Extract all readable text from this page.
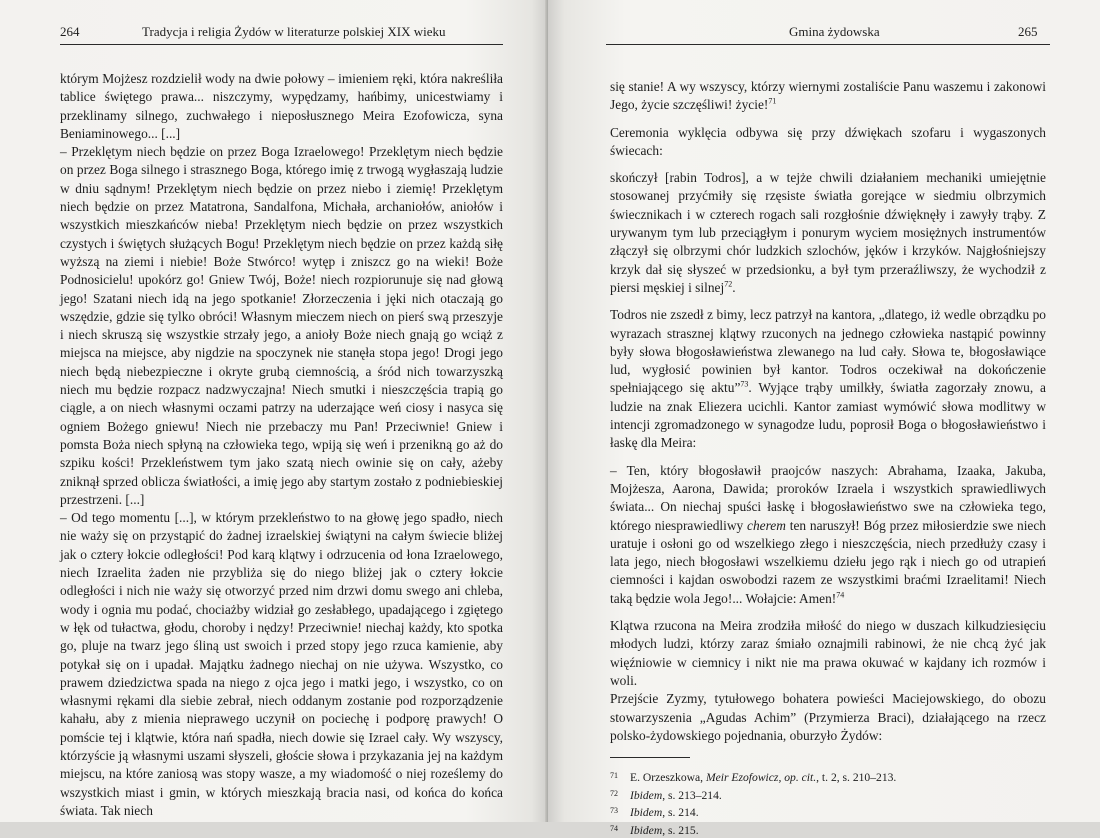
264	Tradycja i religia Żydów w literaturze polskiej XIX wieku

którym Mojżesz rozdzielił wody na dwie połowy – imieniem ręki, która nakreśliła tablice świętego prawa... niszczymy, wypędzamy, hańbimy, unicestwiamy i przeklinamy silnego, zuchwałego i nieposłusznego Meira Ezofowicza, syna Beniaminowego... [...]

– Przeklętym niech będzie on przez Boga Izraelowego! Przeklętym niech będzie on przez Boga silnego i strasznego Boga, którego imię z trwogą wygłaszają ludzie w dniu sądnym! Przeklętym niech będzie on przez niebo i ziemię! Przeklętym niech będzie on przez Matatrona, Sandalfona, Michała, archaniołów, aniołów i wszystkich mieszkańców nieba! Przeklętym niech będzie on przez wszystkich czystych i świętych służących Bogu! Przeklętym niech będzie on przez każdą siłę wyższą na ziemi i niebie! Boże Stwórco! wytęp i zniszcz go na wieki! Boże Podnosicielu! upokórz go! Gniew Twój, Boże! niech rozpiorunuje się nad głową jego! Szatani niech idą na jego spotkanie! Złorzeczenia i jęki nich otaczają go wszędzie, gdzie się tylko obróci! Własnym mieczem niech on pierś swą przeszyje i niech skruszą się wszystkie strzały jego, a anioły Boże niech gnają go wciąż z miejsca na miejsce, aby nigdzie na spoczynek nie stanęła stopa jego! Drogi jego niech będą niebezpieczne i okryte grubą ciemnością, a śród nich towarzyszką niech mu będzie rozpacz nadzwyczajna! Niech smutki i nieszczęścia trapią go ciągle, a on niech własnymi oczami patrzy na uderzające weń ciosy i nasyca się ogniem Bożego gniewu! Niech nie przebaczy mu Pan! Przeciwnie! Gniew i pomsta Boża niech spłyną na człowieka tego, wpiją się weń i przenikną go aż do szpiku kości! Przekleństwem tym jako szatą niech owinie się on cały, ażeby zniknął sprzed oblicza światłości, a imię jego aby startym zostało z podniebieskiej przestrzeni. [...]

– Od tego momentu [...], w którym przekleństwo to na głowę jego spadło, niech nie waży się on przystąpić do żadnej izraelskiej świątyni na całym świecie bliżej jak o cztery łokcie odległości! Pod karą klątwy i odrzucenia od łona Izraelowego, niech Izraelita żaden nie przybliża się do niego bliżej jak o cztery łokcie odległości i nich nie waży się otworzyć przed nim drzwi domu swego ani chleba, wody i ognia mu podać, chociażby widział go zesłabłego, upadającego i zgiętego w łęk od tułactwa, głodu, choroby i nędzy! Przeciwnie! niechaj każdy, kto spotka go, pluje na twarz jego śliną ust swoich i przed stopy jego rzuca kamienie, aby potykał się on i upadał. Majątku żadnego niechaj on nie używa. Wszystko, co prawem dziedzictwa spada na niego z ojca jego i matki jego, i wszystko, co on własnymi rękami dla siebie zebrał, niech oddanym zostanie pod rozporządzenie kahału, aby z mienia nieprawego uczynił on pociechę i podporę prawych! O pomście tej i klątwie, która nań spadła, niech dowie się Izrael cały. Wy wszyscy, którzyście ją własnymi uszami słyszeli, głoście słowa i przykazania jej na każdym miejscu, na które zaniosą was stopy wasze, a my wiadomość o niej roześlemy do wszystkich miast i gmin, w których mieszkają bracia nasi, od końca do końca świata. Tak niech

Gmina żydowska	265

się stanie! A wy wszyscy, którzy wiernymi zostaliście Panu waszemu i zakonowi Jego, życie szczęśliwi! życie!$^{71}$

Ceremonia wyklęcia odbywa się przy dźwiękach szofaru i wygaszonych świecach:

skończył [rabin Todros], a w tejże chwili działaniem mechaniki umiejętnie stosowanej przyćmiły się rzęsiste światła gorejące w siedmiu olbrzymich świecznikach i w czterech rogach sali rozgłośnie dźwięknęły i zawyły trąby. Z urywanym tym lub przeciągłym i ponurym wyciem mosiężnych instrumentów złączył się olbrzymi chór ludzkich szlochów, jęków i krzyków. Najgłośniejszy krzyk dał się słyszeć w przedsionku, a był tym przeraźliwszy, że wychodził z piersi męskiej i silnej$^{72}$.

Todros nie zszedł z bimy, lecz patrzył na kantora, „dlatego, iż wedle obrządku po wyrazach strasznej klątwy rzuconych na jednego człowieka nastąpić powinny były słowa błogosławieństwa zlewanego na lud cały. Słowa te, błogosławiące lud, wygłosić powinien był kantor. Todros oczekiwał na dokończenie spełniającego się aktu”$^{73}$. Wyjące trąby umilkły, światła zagorzały znowu, a ludzie na znak Eliezera ucichli. Kantor zamiast wymówić słowa modlitwy w intencji zgromadzonego w synagodze ludu, poprosił Boga o błogosławieństwo i łaskę dla Meira:

– Ten, który błogosławił praojców naszych: Abrahama, Izaaka, Jakuba, Mojżesza, Aarona, Dawida; proroków Izraela i wszystkich sprawiedliwych świata... On niechaj spuści łaskę i błogosławieństwo swe na człowieka tego, którego niesprawiedliwy cherem ten naruszył! Bóg przez miłosierdzie swe niech uratuje i osłoni go od wszelkiego złego i nieszczęścia, niech przedłuży czasy i lata jego, niech błogosławi wszelkiemu dziełu jego rąk i niech go od utrapień ciemności i kajdan oswobodzi razem ze wszystkimi braćmi Izraelitami! Niech taką będzie wola Jego!... Wołajcie: Amen!$^{74}$

Klątwa rzucona na Meira zrodziła miłość do niego w duszach kilkudziesięciu młodych ludzi, którzy zaraz śmiało oznajmili rabinowi, że nie chcą żyć jak więźniowie w ciemnicy i nikt nie ma prawa okuwać w kajdany ich rozmów i woli.

Przejście Zyzmy, tytułowego bohatera powieści Maciejowskiego, do obozu stowarzyszenia „Agudas Achim” (Przymierza Braci), działającego na rzecz polsko-żydowskiego pojednania, oburzyło Żydów:

71 E. Orzeszkowa, Meir Ezofowicz, op. cit., t. 2, s. 210–213.

72 Ibidem, s. 213–214.

73 Ibidem, s. 214.

74 Ibidem, s. 215.
